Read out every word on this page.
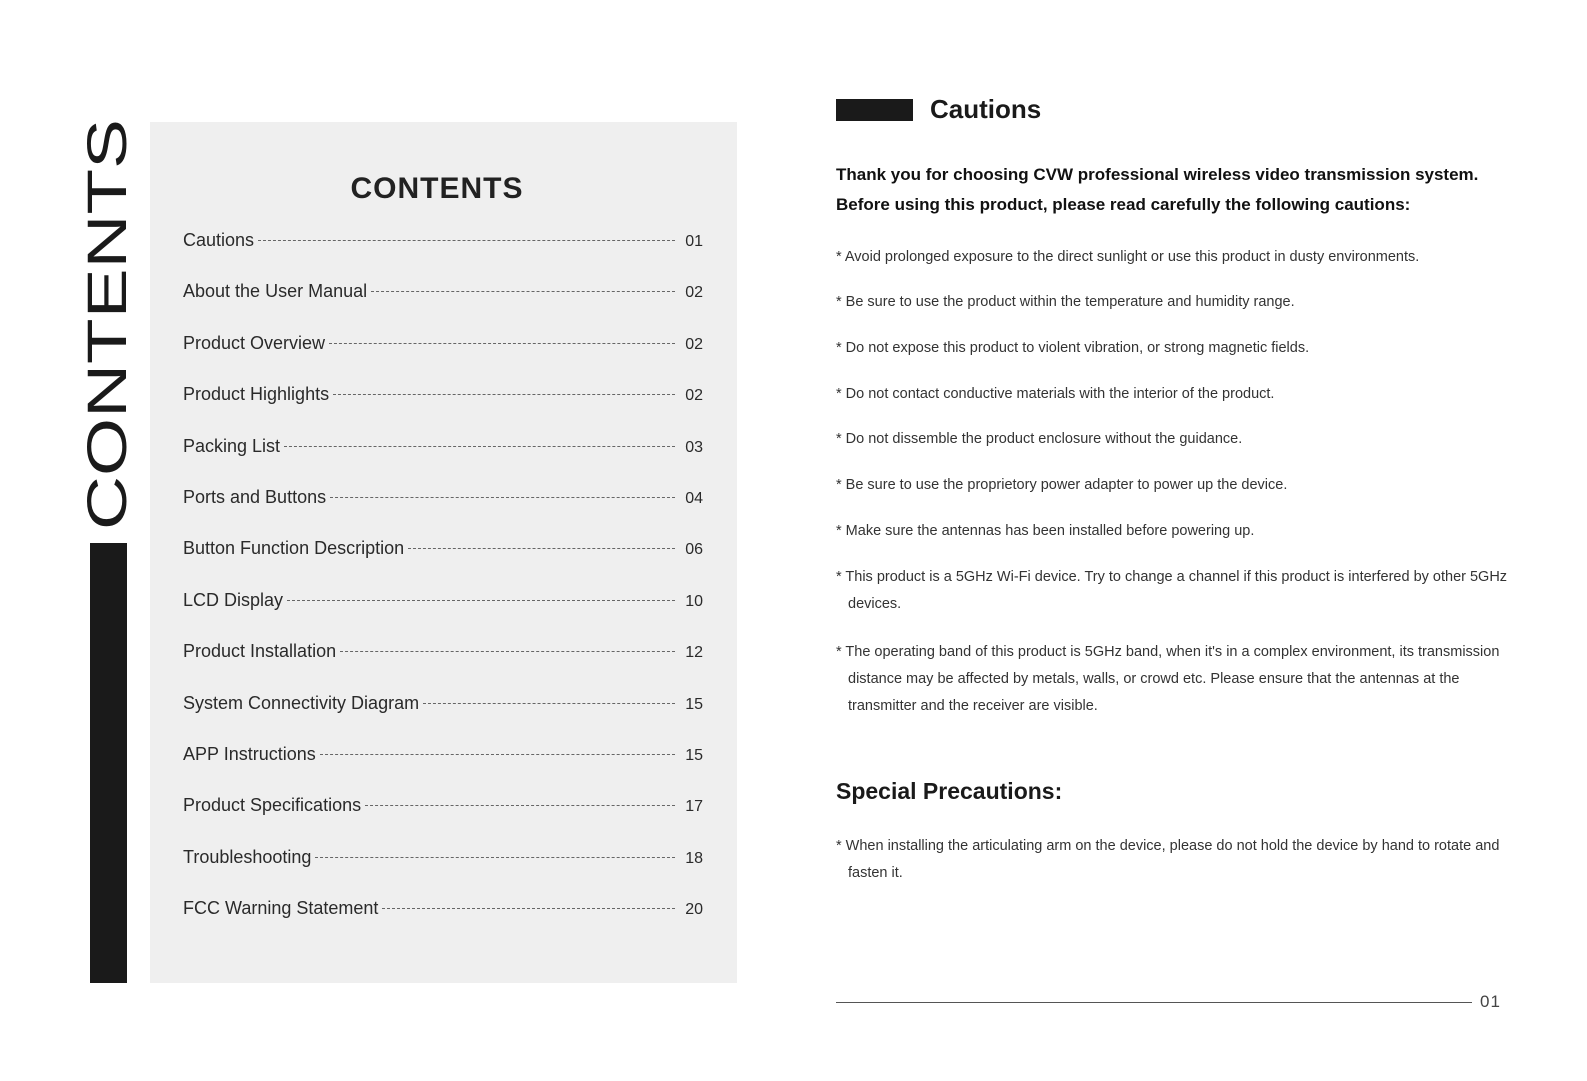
CONTENTS
CONTENTS
Cautions	01
About the User Manual	02
Product Overview	02
Product Highlights	02
Packing List	03
Ports and Buttons	04
Button Function Description	06
LCD Display	10
Product Installation	12
System Connectivity Diagram	15
APP Instructions	15
Product Specifications	17
Troubleshooting	18
FCC Warning Statement	20
Cautions
Thank you for choosing CVW professional wireless video transmission system.
Before using this product, please read carefully the following cautions:
* Avoid prolonged exposure to the direct sunlight or use this product in dusty environments.
* Be sure to use the product within the temperature and humidity range.
* Do not expose this product to violent vibration, or strong magnetic fields.
* Do not contact conductive materials with the interior of the product.
* Do not dissemble the product enclosure without the guidance.
* Be sure to use the proprietory power adapter to power up the device.
* Make sure the antennas has been installed before powering up.
* This product is a 5GHz Wi-Fi device. Try to change a channel if this product is interfered by other 5GHz devices.
* The operating band of this product is 5GHz band, when it's in a complex environment, its transmission distance may be affected by metals, walls, or crowd etc. Please ensure that the antennas at the transmitter and the receiver are visible.
Special Precautions:
* When installing the articulating arm on the device, please do not hold the device by hand to rotate and fasten it.
01
